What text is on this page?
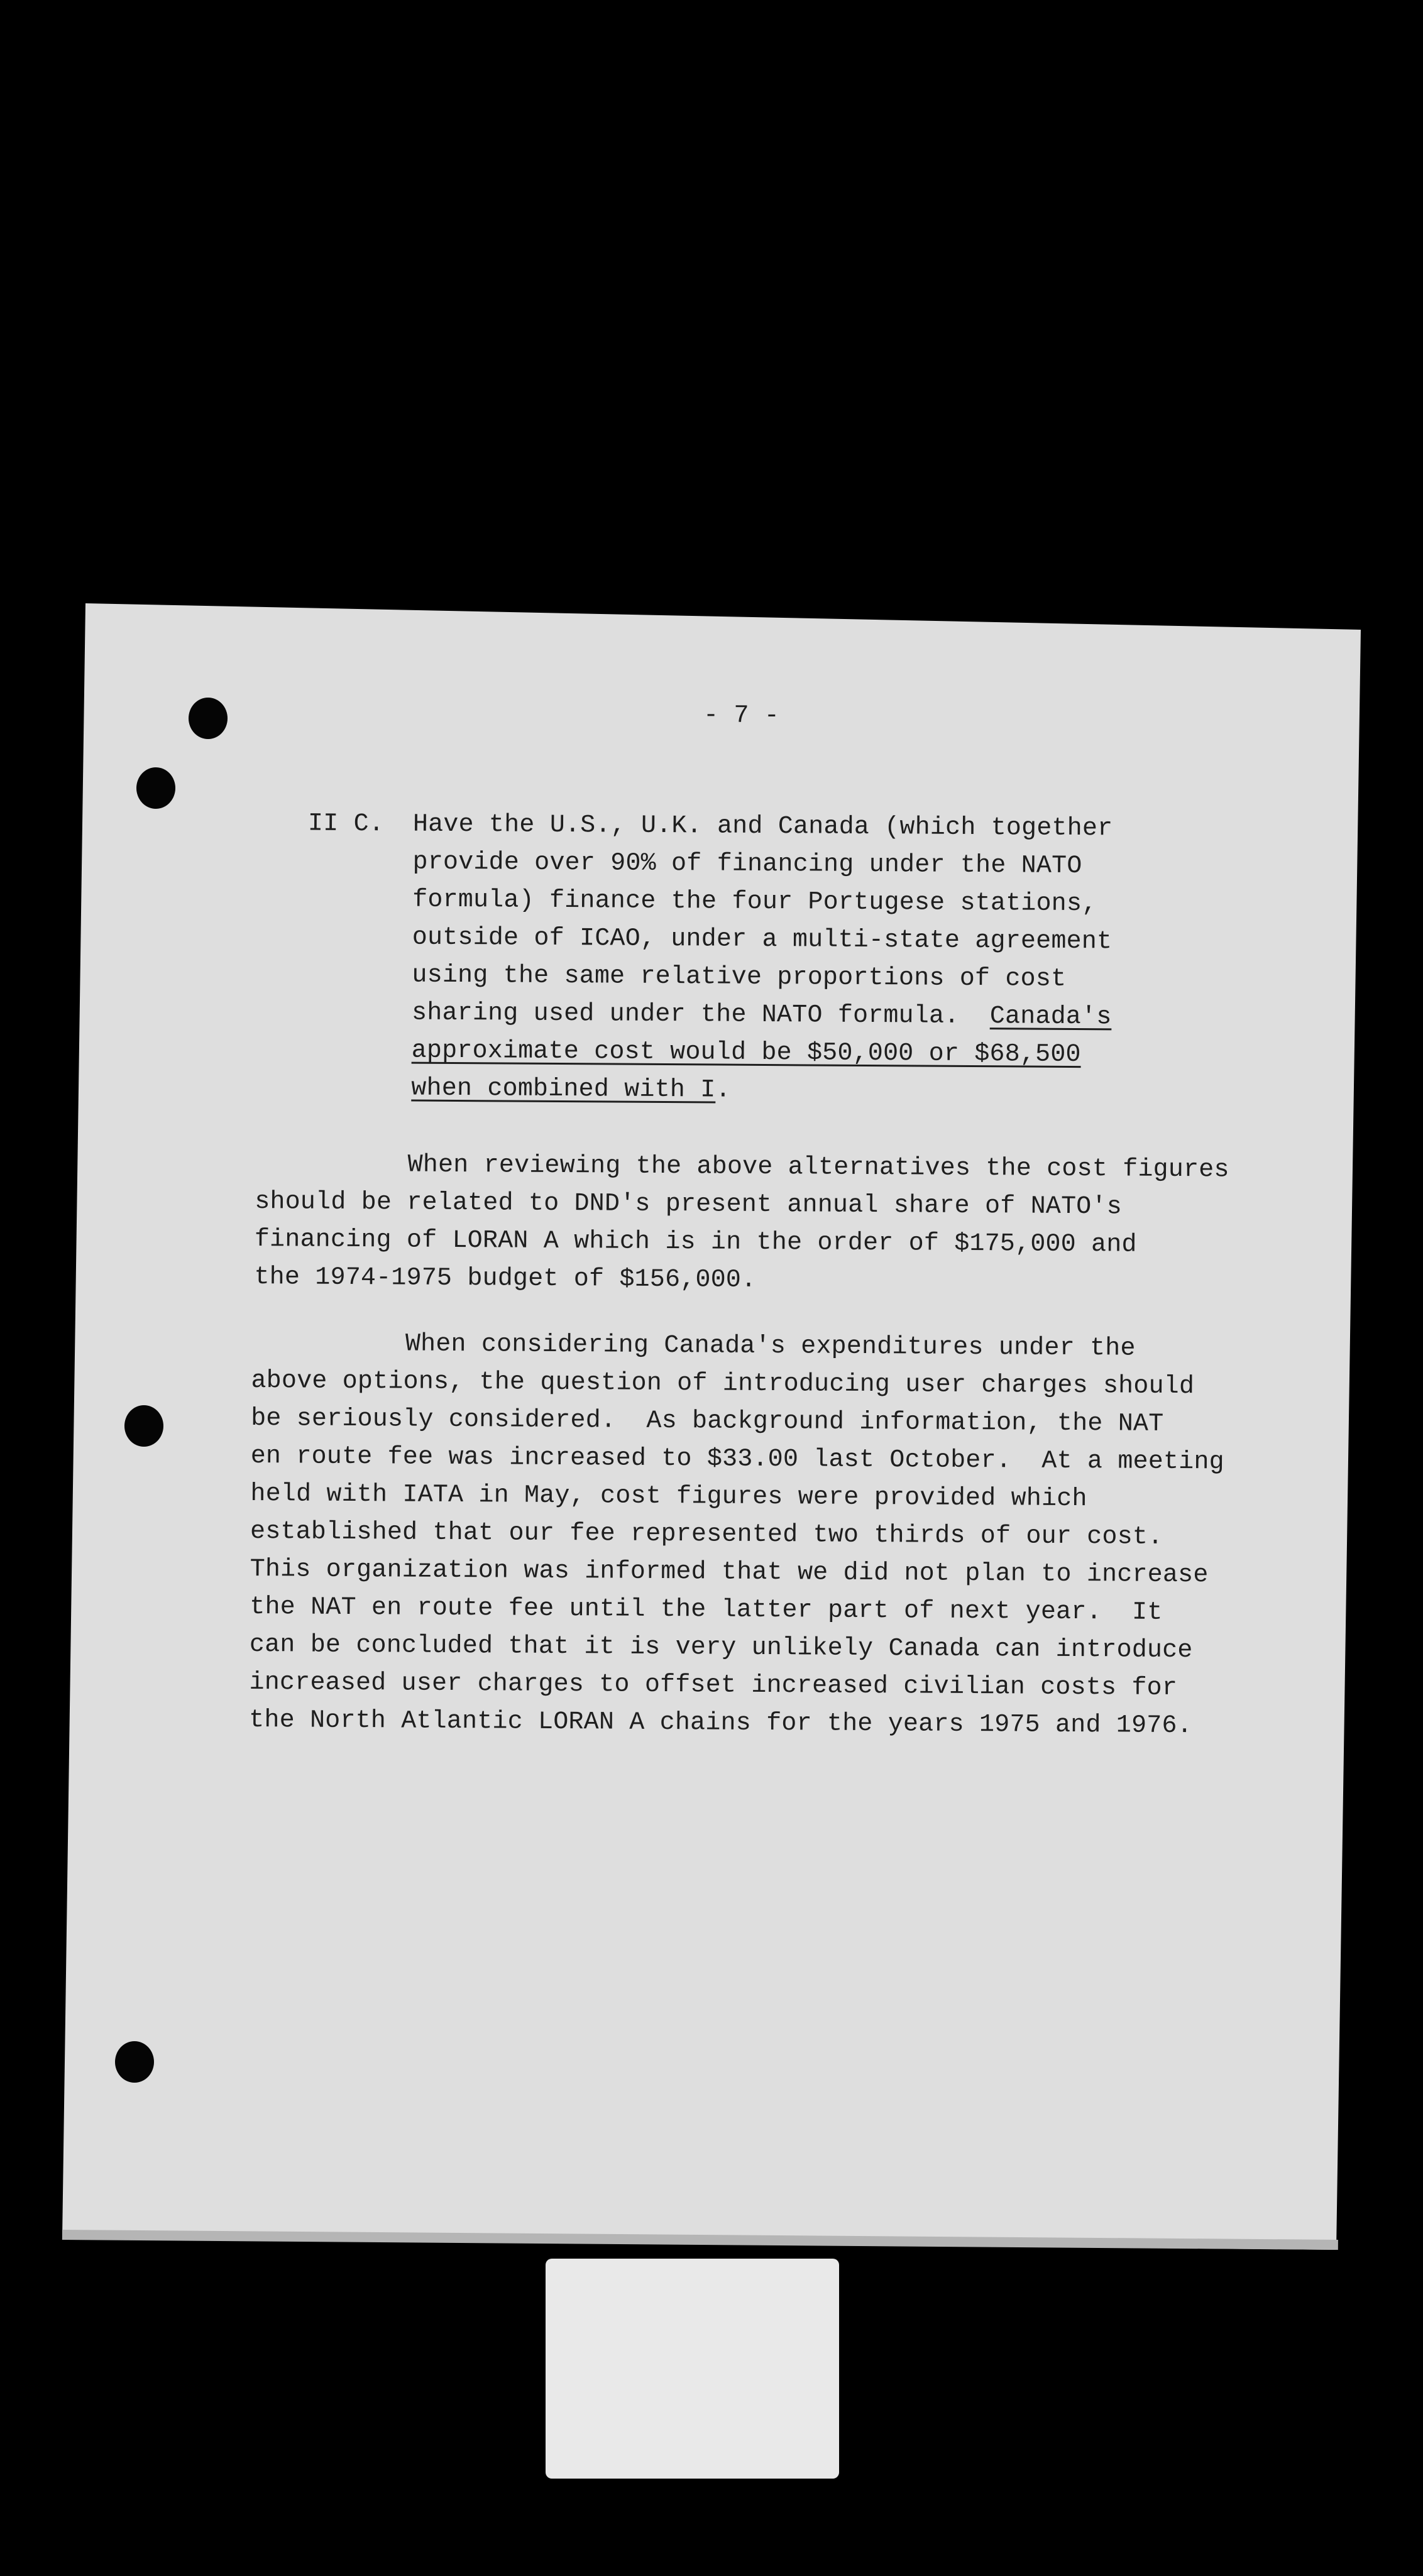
- 7 -
II C. Have the U.S., U.K. and Canada (which together
provide over 90% of financing under the NATO
formula) finance the four Portugese stations,
outside of ICAO, under a multi-state agreement
using the same relative proportions of cost
sharing used under the NATO formula.  Canada's
approximate cost would be $50,000 or $68,500
when combined with I.
When reviewing the above alternatives the cost figures
should be related to DND's present annual share of NATO's
financing of LORAN A which is in the order of $175,000 and
the 1974-1975 budget of $156,000.
When considering Canada's expenditures under the
above options, the question of introducing user charges should
be seriously considered.  As background information, the NAT
en route fee was increased to $33.00 last October.  At a meeting
held with IATA in May, cost figures were provided which
established that our fee represented two thirds of our cost.
This organization was informed that we did not plan to increase
the NAT en route fee until the latter part of next year.  It
can be concluded that it is very unlikely Canada can introduce
increased user charges to offset increased civilian costs for
the North Atlantic LORAN A chains for the years 1975 and 1976.
